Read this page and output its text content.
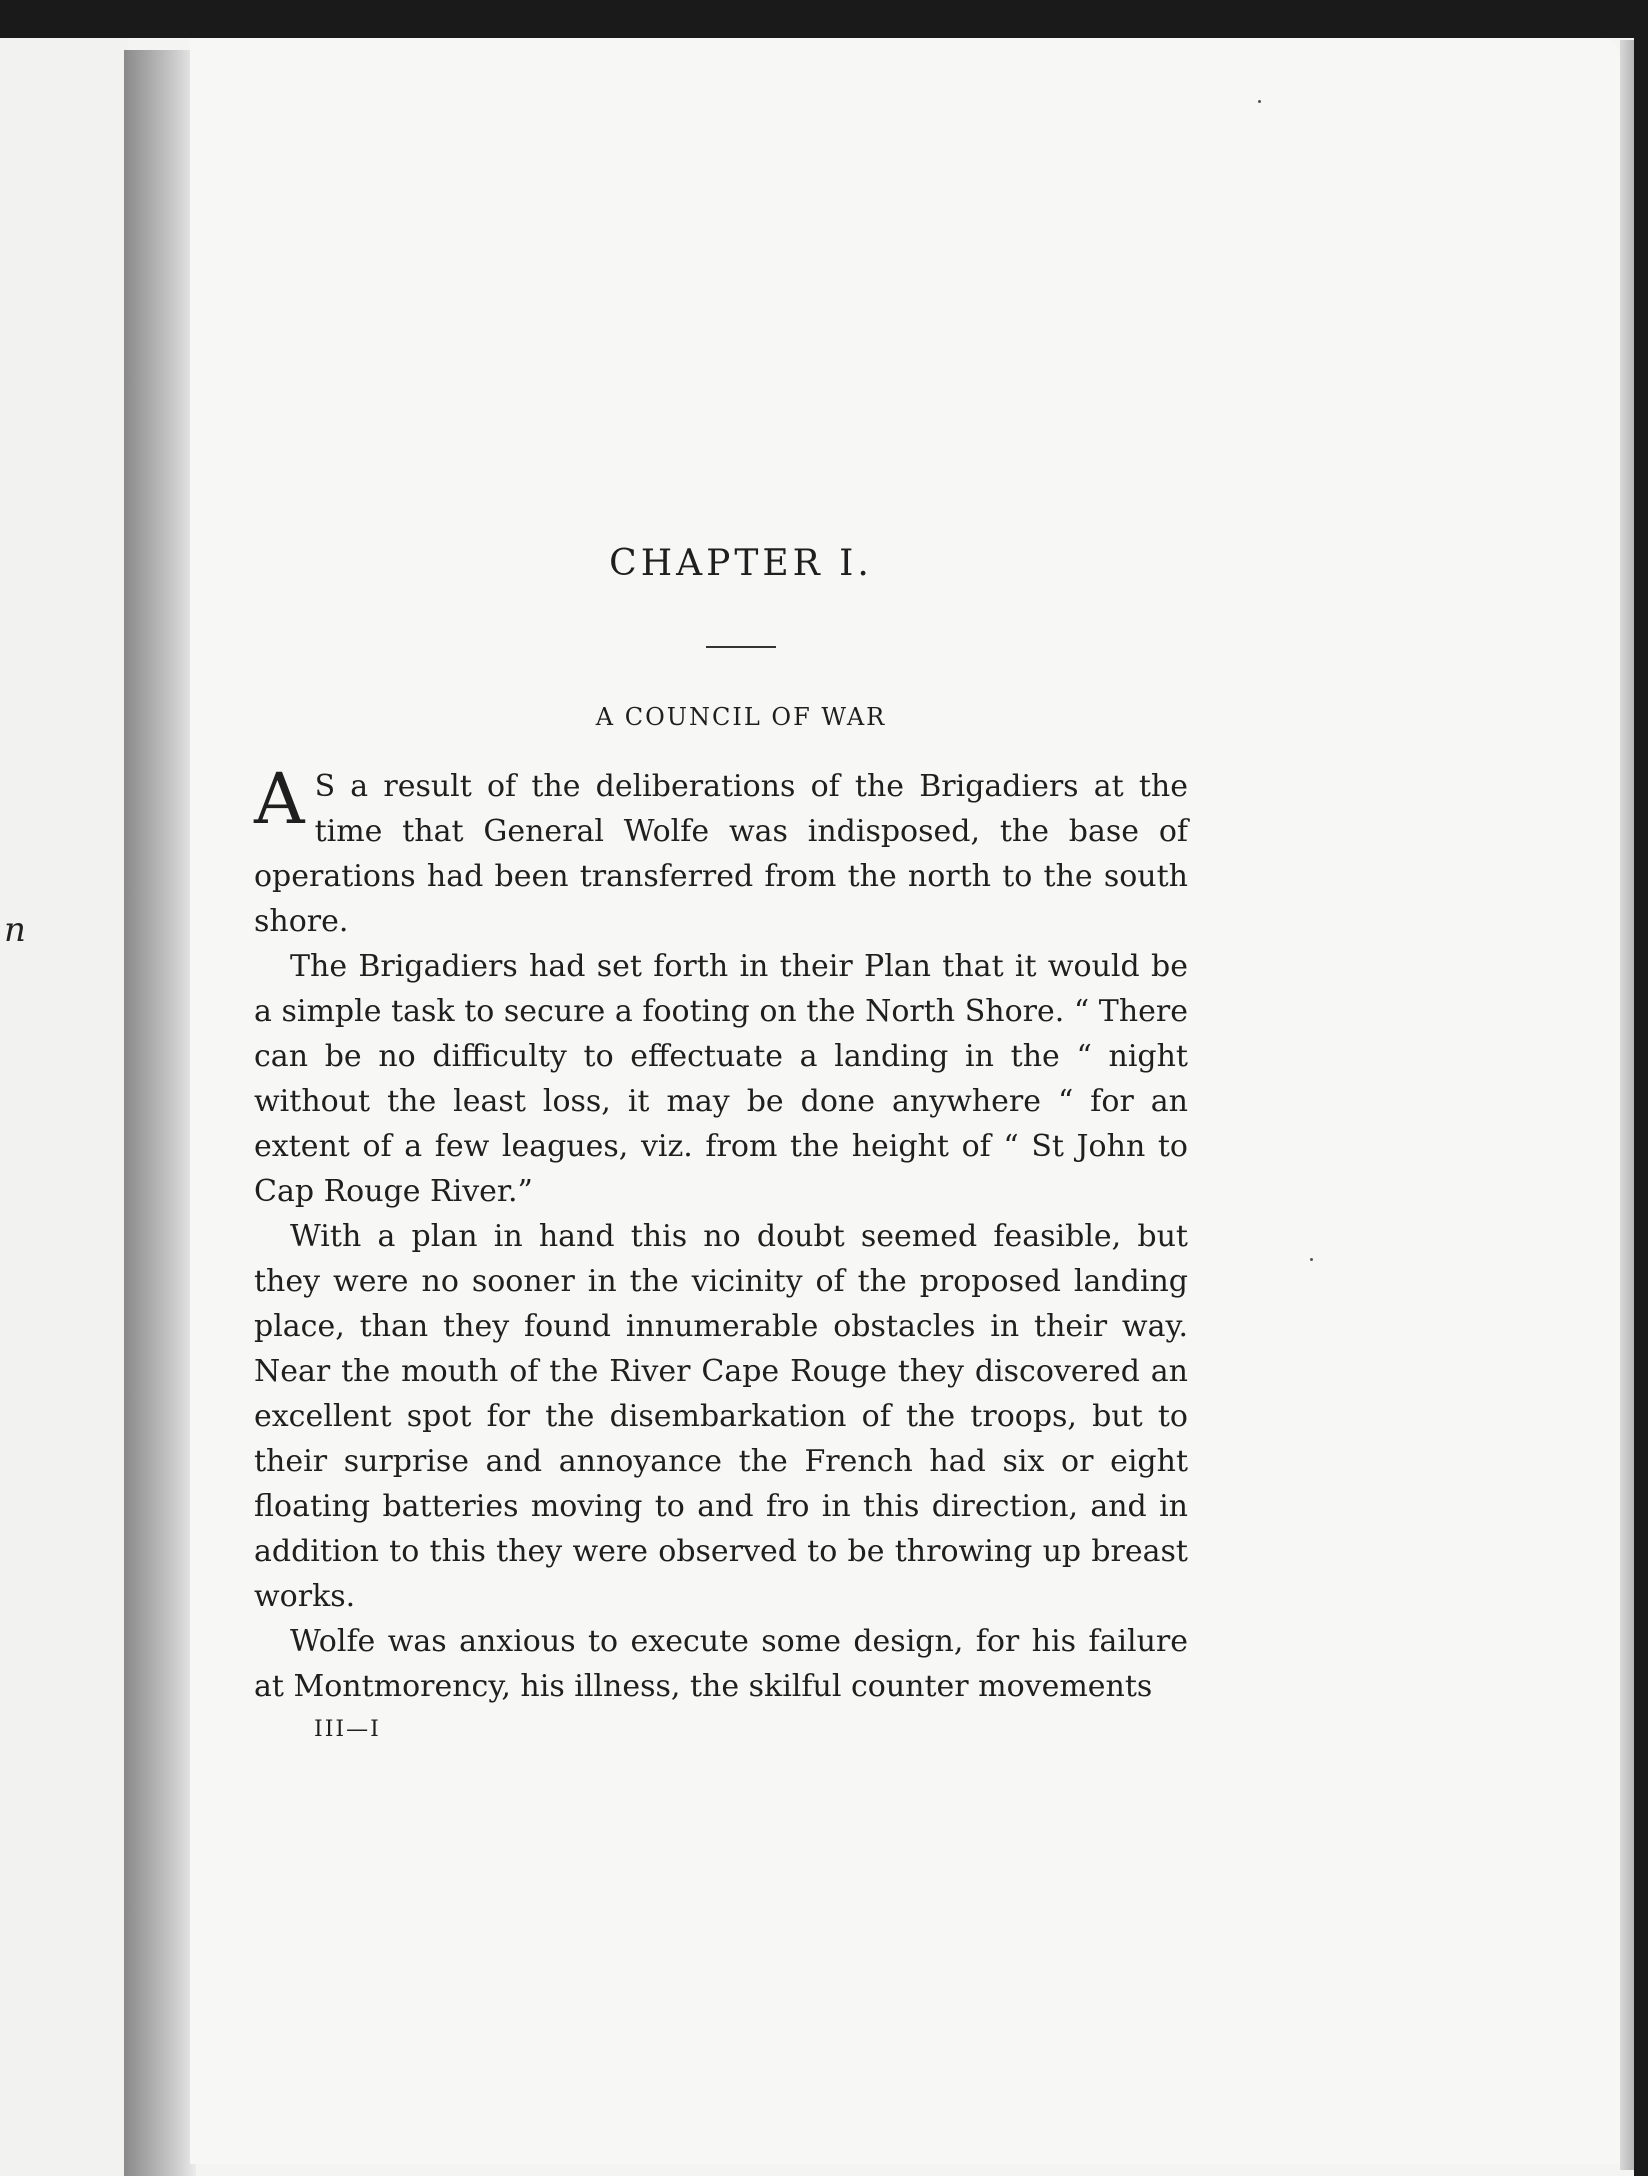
n
CHAPTER I.
A COUNCIL OF WAR

A S a result of the deliberations of the Brigadiers at the time that General Wolfe was indisposed, the base of operations had been transferred from the north to the south shore.

The Brigadiers had set forth in their Plan that it would be a simple task to secure a footing on the North Shore. “ There can be no difficulty to effectuate a landing in the “ night without the least loss, it may be done anywhere “ for an extent of a few leagues, viz. from the height of “ St John to Cap Rouge River.”

With a plan in hand this no doubt seemed feasible, but they were no sooner in the vicinity of the proposed landing place, than they found innumerable obstacles in their way. Near the mouth of the River Cape Rouge they discovered an excellent spot for the disembarkation of the troops, but to their surprise and annoyance the French had six or eight floating batteries moving to and fro in this direction, and in addition to this they were observed to be throwing up breast works.

Wolfe was anxious to execute some design, for his failure at Montmorency, his illness, the skilful counter movements

III—I
